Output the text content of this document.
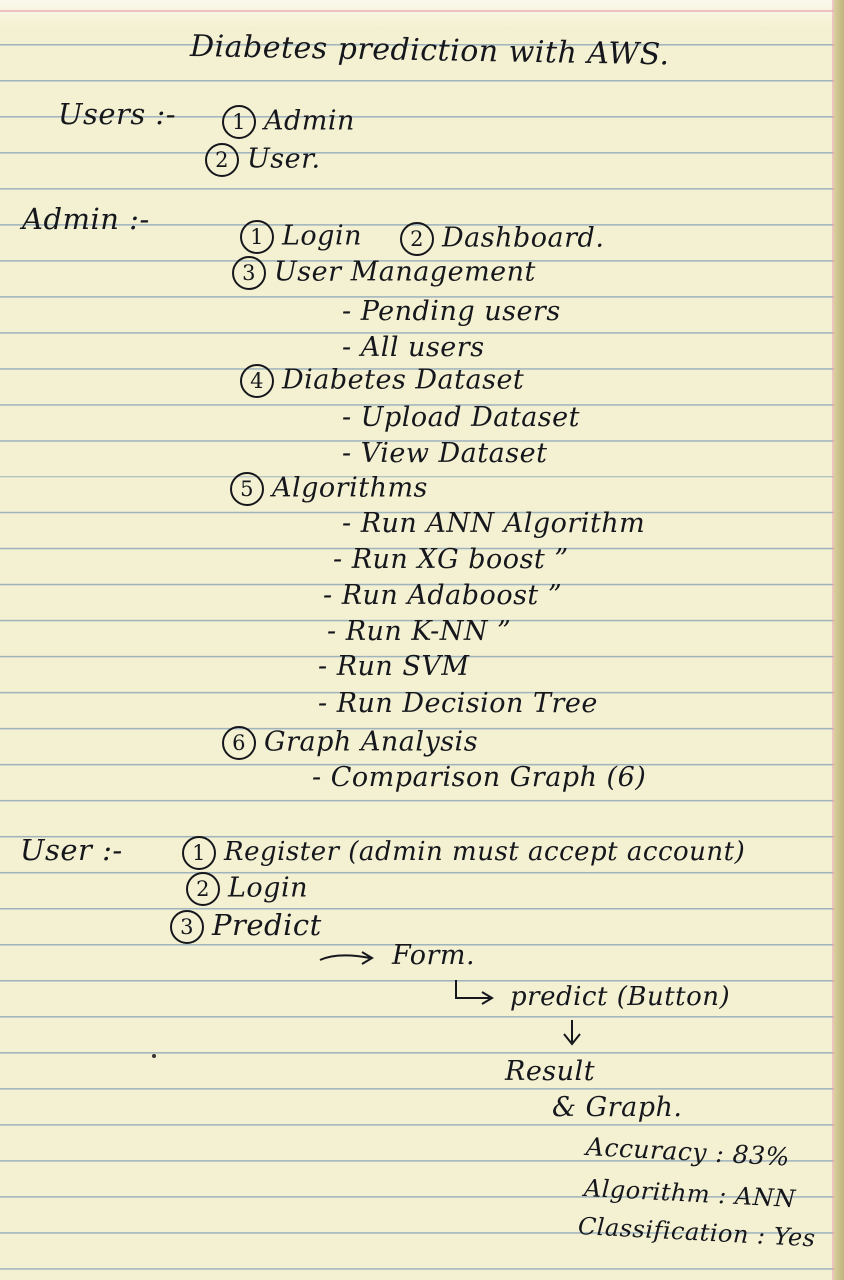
Diabetes prediction with AWS.
Users :-	1 Admin
2 User.
Admin :-
1 Login	2 Dashboard.
3 User Management
- Pending users
- All users
4 Diabetes Dataset
- Upload Dataset
- View Dataset
5 Algorithms
- Run ANN Algorithm
- Run XG boost ”
- Run Adaboost ”
- Run K-NN ”
- Run SVM
- Run Decision Tree
6 Graph Analysis
- Comparison Graph (6)
User :-	1 Register (admin must accept account)
2 Login
3 Predict
Form.
predict (Button)
Result
& Graph.
Accuracy : 83%
Algorithm : ANN
Classification : Yes
